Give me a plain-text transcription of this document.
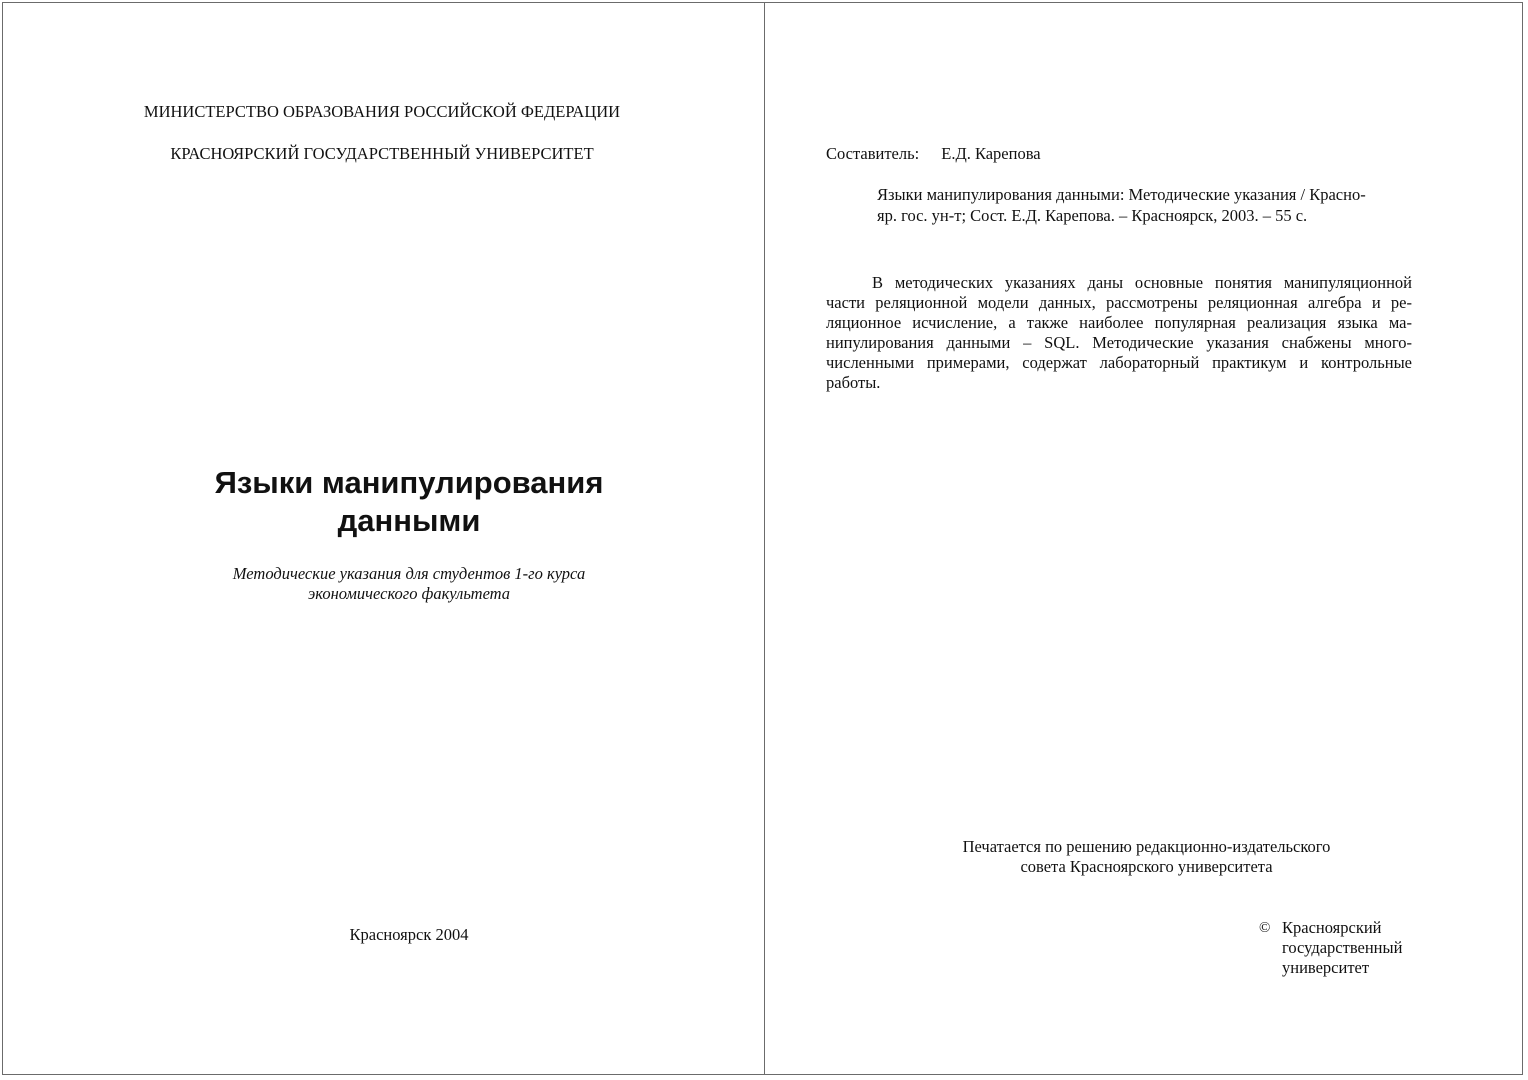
МИНИСТЕРСТВО ОБРАЗОВАНИЯ РОССИЙСКОЙ ФЕДЕРАЦИИ
КРАСНОЯРСКИЙ ГОСУДАРСТВЕННЫЙ УНИВЕРСИТЕТ
Языки манипулирования
данными
Методические указания для студентов 1-го курса
экономического факультета
Красноярск 2004
Составитель: Е.Д. Карепова
Языки манипулирования данными: Методические указания / Красно-
яр. гос. ун-т; Сост. Е.Д. Карепова. – Красноярск, 2003. – 55 с.
В методических указаниях даны основные понятия манипуляционной
части реляционной модели данных, рассмотрены реляционная алгебра и ре-
ляционное исчисление, а также наиболее популярная реализация языка ма-
нипулирования данными – SQL. Методические указания снабжены много-
численными примерами, содержат лабораторный практикум и контрольные
работы.
Печатается по решению редакционно-издательского
совета Красноярского университета
© Красноярский
государственный
университет
